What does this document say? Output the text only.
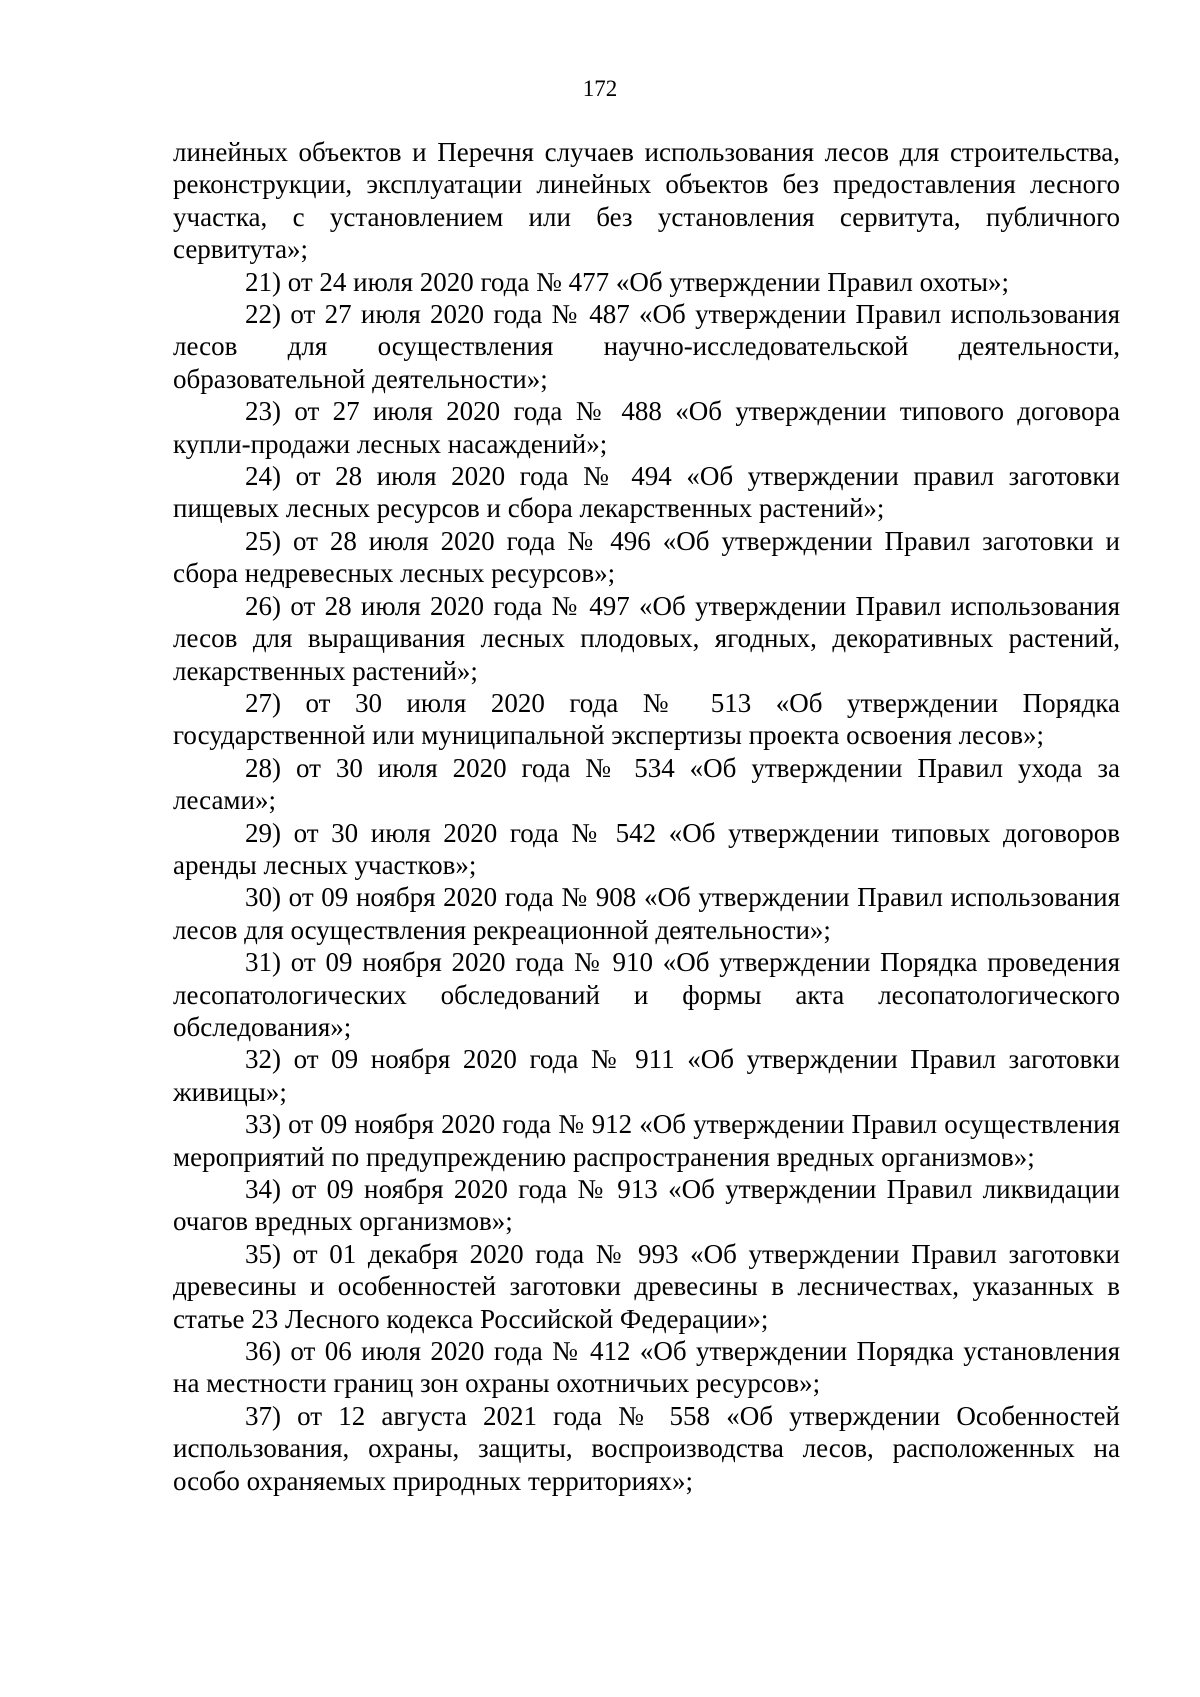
172

линейных объектов и Перечня случаев использования лесов для строительства, реконструкции, эксплуатации линейных объектов без предоставления лесного участка, с установлением или без установления сервитута, публичного сервитута»;

21) от 24 июля 2020 года № 477 «Об утверждении Правил охоты»;

22) от 27 июля 2020 года № 487 «Об утверждении Правил использования лесов для осуществления научно-исследовательской деятельности, образовательной деятельности»;

23) от 27 июля 2020 года № 488 «Об утверждении типового договора купли-продажи лесных насаждений»;

24) от 28 июля 2020 года № 494 «Об утверждении правил заготовки пищевых лесных ресурсов и сбора лекарственных растений»;

25) от 28 июля 2020 года № 496 «Об утверждении Правил заготовки и сбора недревесных лесных ресурсов»;

26) от 28 июля 2020 года № 497 «Об утверждении Правил использования лесов для выращивания лесных плодовых, ягодных, декоративных растений, лекарственных растений»;

27) от 30 июля 2020 года № 513 «Об утверждении Порядка государственной или муниципальной экспертизы проекта освоения лесов»;

28) от 30 июля 2020 года № 534 «Об утверждении Правил ухода за лесами»;

29) от 30 июля 2020 года № 542 «Об утверждении типовых договоров аренды лесных участков»;

30) от 09 ноября 2020 года № 908 «Об утверждении Правил использования лесов для осуществления рекреационной деятельности»;

31) от 09 ноября 2020 года № 910 «Об утверждении Порядка проведения лесопатологических обследований и формы акта лесопатологического обследования»;

32) от 09 ноября 2020 года № 911 «Об утверждении Правил заготовки живицы»;

33) от 09 ноября 2020 года № 912 «Об утверждении Правил осуществления мероприятий по предупреждению распространения вредных организмов»;

34) от 09 ноября 2020 года № 913 «Об утверждении Правил ликвидации очагов вредных организмов»;

35) от 01 декабря 2020 года № 993 «Об утверждении Правил заготовки древесины и особенностей заготовки древесины в лесничествах, указанных в статье 23 Лесного кодекса Российской Федерации»;

36) от 06 июля 2020 года № 412 «Об утверждении Порядка установления на местности границ зон охраны охотничьих ресурсов»;

37) от 12 августа 2021 года № 558 «Об утверждении Особенностей использования, охраны, защиты, воспроизводства лесов, расположенных на особо охраняемых природных территориях»;
